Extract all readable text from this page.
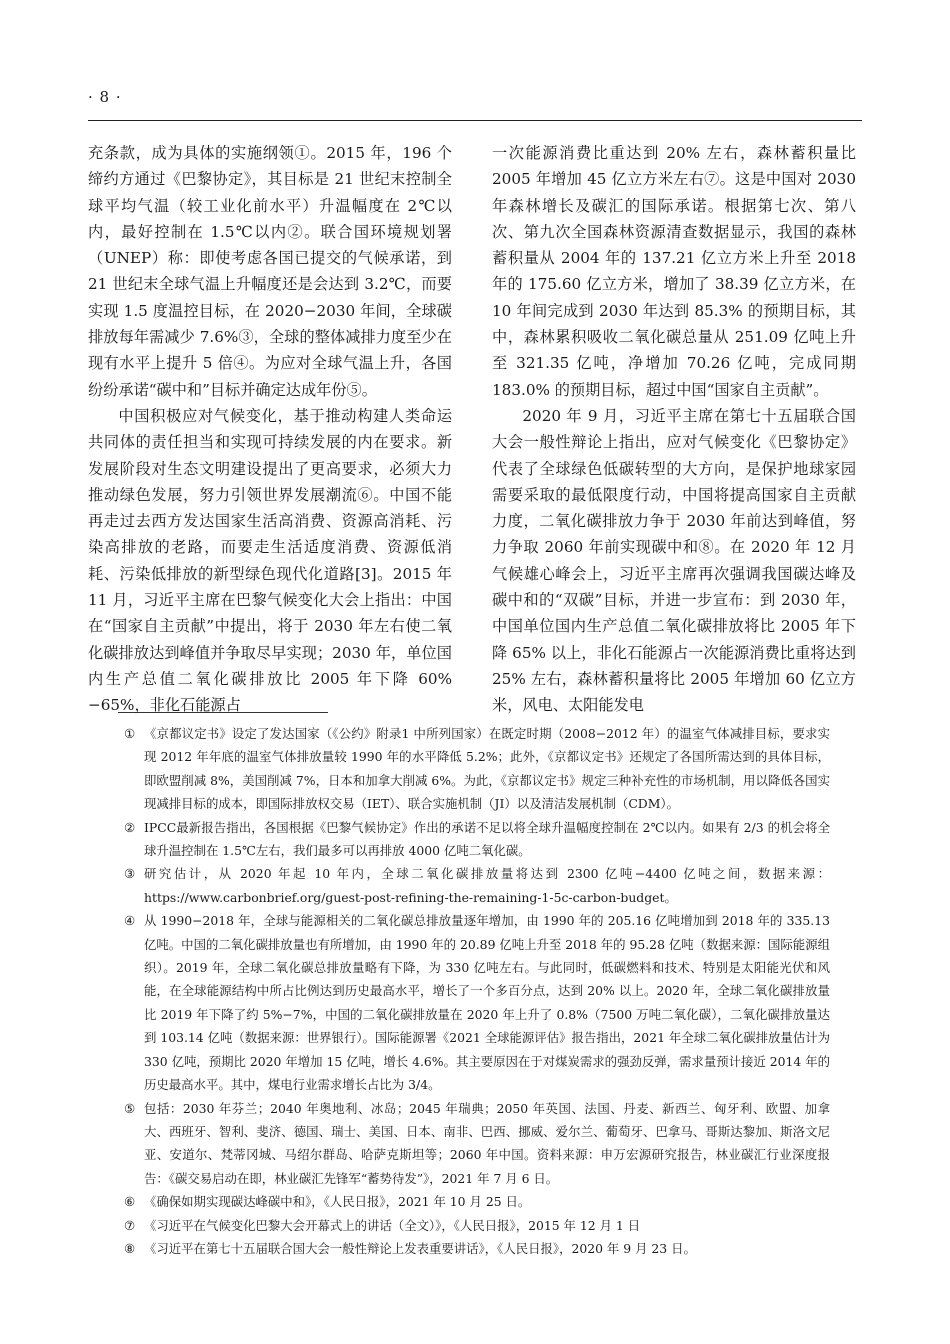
· 8 ·

充条款，成为具体的实施纲领①。2015 年，196 个缔约方通过《巴黎协定》，其目标是 21 世纪末控制全球平均气温（较工业化前水平）升温幅度在 2℃以内，最好控制在 1.5℃以内②。联合国环境规划署（UNEP）称：即使考虑各国已提交的气候承诺，到 21 世纪末全球气温上升幅度还是会达到 3.2℃，而要实现 1.5 度温控目标，在 2020−2030 年间，全球碳排放每年需减少 7.6%③，全球的整体减排力度至少在现有水平上提升 5 倍④。为应对全球气温上升，各国纷纷承诺“碳中和”目标并确定达成年份⑤。

中国积极应对气候变化，基于推动构建人类命运共同体的责任担当和实现可持续发展的内在要求。新发展阶段对生态文明建设提出了更高要求，必须大力推动绿色发展，努力引领世界发展潮流⑥。中国不能再走过去西方发达国家生活高消费、资源高消耗、污染高排放的老路，而要走生活适度消费、资源低消耗、污染低排放的新型绿色现代化道路[3]。2015 年 11 月，习近平主席在巴黎气候变化大会上指出：中国在“国家自主贡献”中提出，将于 2030 年左右使二氧化碳排放达到峰值并争取尽早实现；2030 年，单位国内生产总值二氧化碳排放比 2005 年下降 60%−65%，非化石能源占

一次能源消费比重达到 20% 左右，森林蓄积量比 2005 年增加 45 亿立方米左右⑦。这是中国对 2030 年森林增长及碳汇的国际承诺。根据第七次、第八次、第九次全国森林资源清查数据显示，我国的森林蓄积量从 2004 年的 137.21 亿立方米上升至 2018 年的 175.60 亿立方米，增加了 38.39 亿立方米，在 10 年间完成到 2030 年达到 85.3% 的预期目标，其中，森林累积吸收二氧化碳总量从 251.09 亿吨上升至 321.35 亿吨，净增加 70.26 亿吨，完成同期 183.0% 的预期目标，超过中国“国家自主贡献”。

2020 年 9 月，习近平主席在第七十五届联合国大会一般性辩论上指出，应对气候变化《巴黎协定》代表了全球绿色低碳转型的大方向，是保护地球家园需要采取的最低限度行动，中国将提高国家自主贡献力度，二氧化碳排放力争于 2030 年前达到峰值，努力争取 2060 年前实现碳中和⑧。在 2020 年 12 月气候雄心峰会上，习近平主席再次强调我国碳达峰及碳中和的“双碳”目标，并进一步宣布：到 2030 年，中国单位国内生产总值二氧化碳排放将比 2005 年下降 65% 以上，非化石能源占一次能源消费比重将达到 25% 左右，森林蓄积量将比 2005 年增加 60 亿立方米，风电、太阳能发电

① 《京都议定书》设定了发达国家（《公约》附录1 中所列国家）在既定时期（2008−2012 年）的温室气体减排目标，要求实现 2012 年年底的温室气体排放量较 1990 年的水平降低 5.2%；此外，《京都议定书》还规定了各国所需达到的具体目标，即欧盟削减 8%，美国削减 7%，日本和加拿大削减 6%。为此，《京都议定书》规定三种补充性的市场机制，用以降低各国实现减排目标的成本，即国际排放权交易（IET）、联合实施机制（JI）以及清洁发展机制（CDM）。

② IPCC最新报告指出，各国根据《巴黎气候协定》作出的承诺不足以将全球升温幅度控制在 2℃以内。如果有 2/3 的机会将全球升温控制在 1.5℃左右，我们最多可以再排放 4000 亿吨二氧化碳。

③ 研究估计，从 2020 年起 10 年内，全球二氧化碳排放量将达到 2300 亿吨−4400 亿吨之间，数据来源：https://www.carbonbrief.org/guest-post-refining-the-remaining-1-5c-carbon-budget。

④ 从 1990−2018 年，全球与能源相关的二氧化碳总排放量逐年增加，由 1990 年的 205.16 亿吨增加到 2018 年的 335.13 亿吨。中国的二氧化碳排放量也有所增加，由 1990 年的 20.89 亿吨上升至 2018 年的 95.28 亿吨（数据来源：国际能源组织）。2019 年，全球二氧化碳总排放量略有下降，为 330 亿吨左右。与此同时，低碳燃料和技术、特别是太阳能光伏和风能，在全球能源结构中所占比例达到历史最高水平，增长了一个多百分点，达到 20% 以上。2020 年，全球二氧化碳排放量比 2019 年下降了约 5%−7%，中国的二氧化碳排放量在 2020 年上升了 0.8%（7500 万吨二氧化碳），二氧化碳排放量达到 103.14 亿吨（数据来源：世界银行）。国际能源署《2021 全球能源评估》报告指出，2021 年全球二氧化碳排放量估计为 330 亿吨，预期比 2020 年增加 15 亿吨，增长 4.6%。其主要原因在于对煤炭需求的强劲反弹，需求量预计接近 2014 年的历史最高水平。其中，煤电行业需求增长占比为 3/4。

⑤ 包括：2030 年芬兰；2040 年奥地利、冰岛；2045 年瑞典；2050 年英国、法国、丹麦、新西兰、匈牙利、欧盟、加拿大、西班牙、智利、斐济、德国、瑞士、美国、日本、南非、巴西、挪威、爱尔兰、葡萄牙、巴拿马、哥斯达黎加、斯洛文尼亚、安道尔、梵蒂冈城、马绍尔群岛、哈萨克斯坦等；2060 年中国。资料来源：申万宏源研究报告，林业碳汇行业深度报告：《碳交易启动在即，林业碳汇先锋军“蓄势待发”》，2021 年 7 月 6 日。

⑥ 《确保如期实现碳达峰碳中和》，《人民日报》，2021 年 10 月 25 日。

⑦ 《习近平在气候变化巴黎大会开幕式上的讲话（全文）》，《人民日报》，2015 年 12 月 1 日

⑧ 《习近平在第七十五届联合国大会一般性辩论上发表重要讲话》，《人民日报》，2020 年 9 月 23 日。
